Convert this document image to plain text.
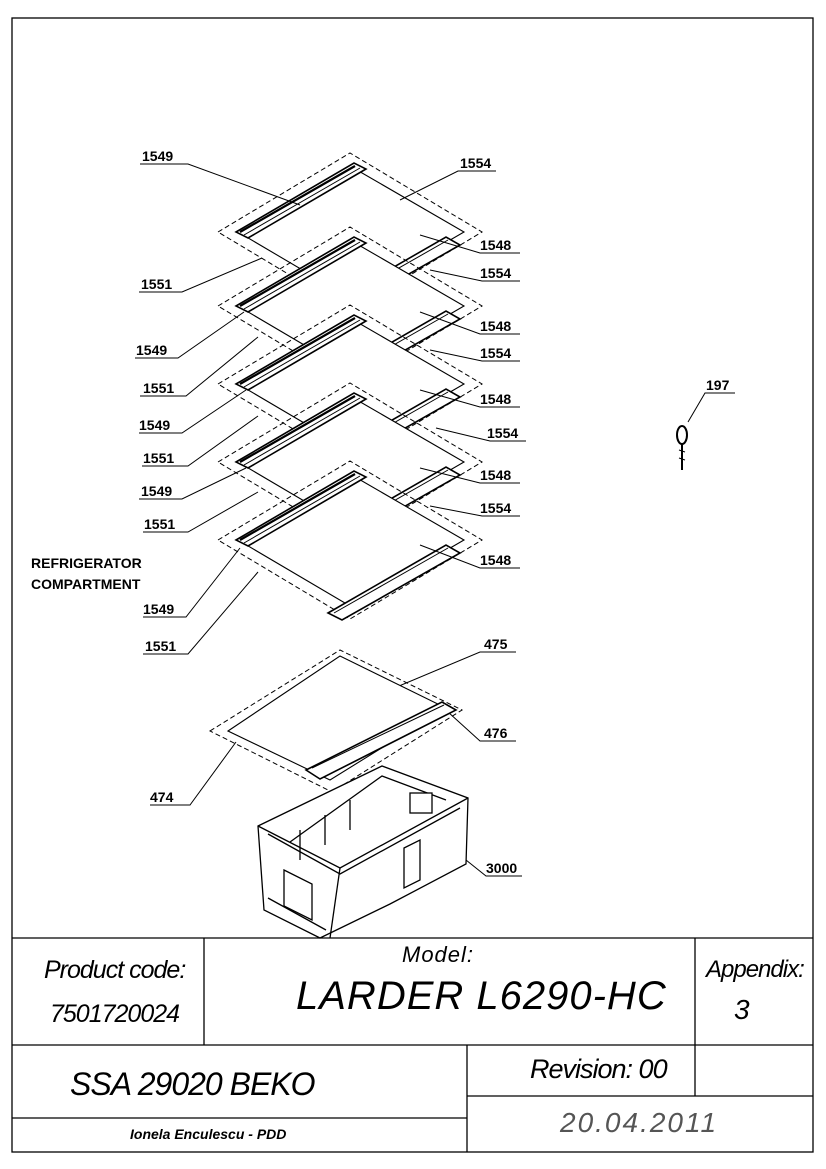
1549	1554
1548
1551
1554
1548
1549	1554
1551
1548
1549	1554
1551
1548
1549
1554
1551
1548
1549
1551
197
475
476
474
3000
REFRIGERATOR
COMPARTMENT
Product code:
7501720024
Model:
LARDER L6290-HC
Appendix:
3
SSA 29020 BEKO	Revision: 00
Ionela Enculescu - PDD	20.04.2011
